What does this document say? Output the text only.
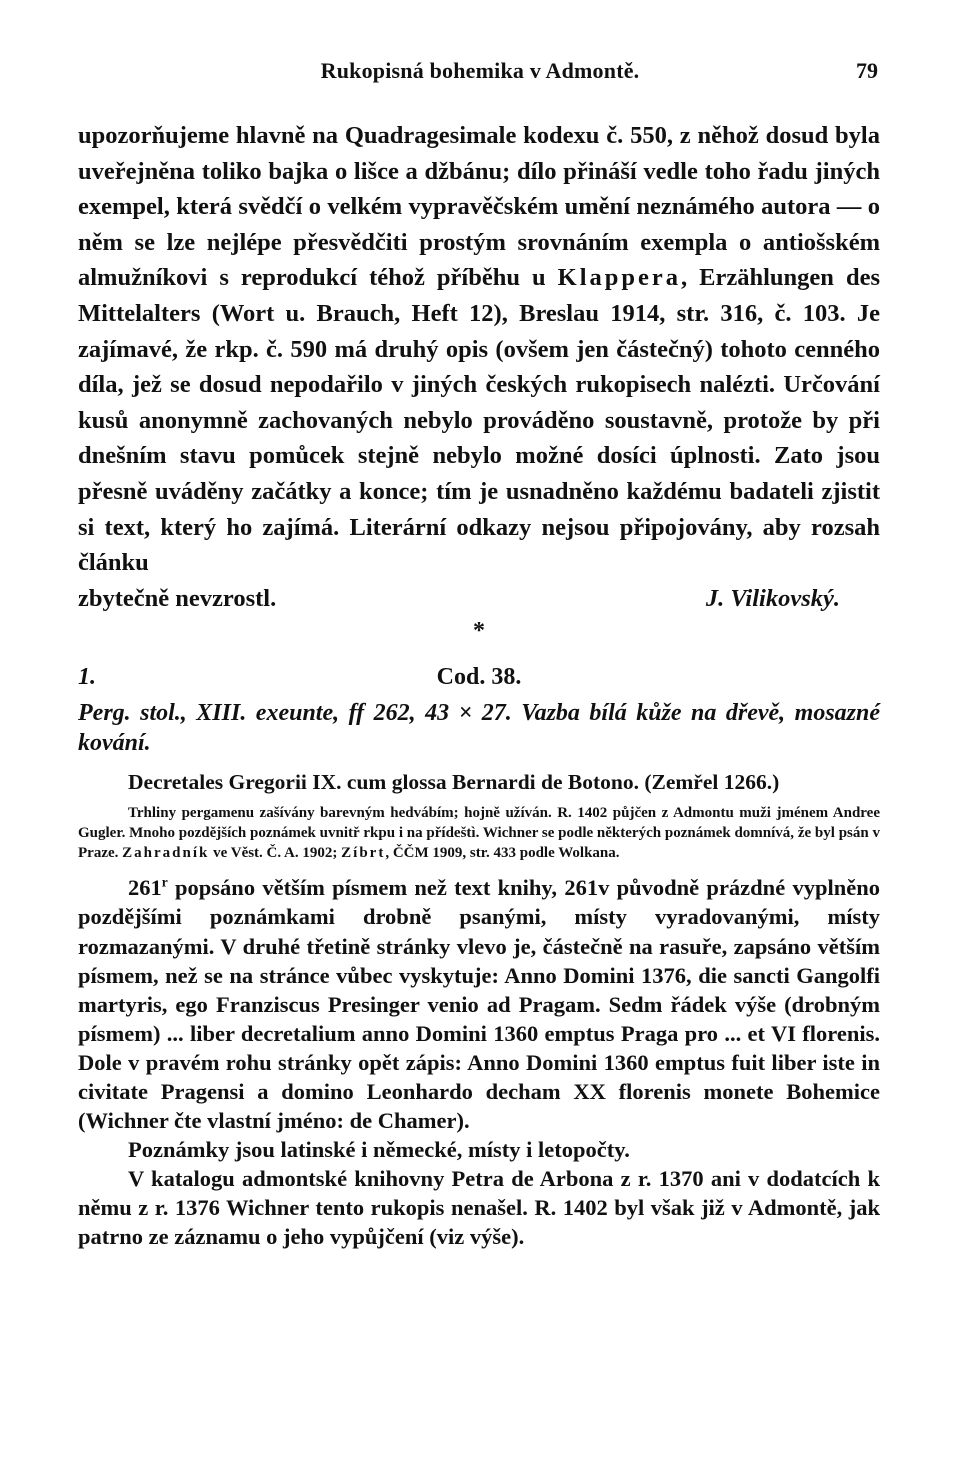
Rukopisná bohemika v Admontě.	79

upozorňujeme hlavně na Quadragesimale kodexu č. 550, z něhož dosud byla uveřejněna toliko bajka o lišce a džbánu; dílo přináší vedle toho řadu jiných exempel, která svědčí o velkém vypravěčském umění neznámého autora — o něm se lze nejlépe přesvědčiti prostým srovnáním exempla o antiošském almužníkovi s reprodukcí téhož příběhu u Klappera, Erzählungen des Mittelalters (Wort u. Brauch, Heft 12), Breslau 1914, str. 316, č. 103. Je zajímavé, že rkp. č. 590 má druhý opis (ovšem jen částečný) tohoto cenného díla, jež se dosud nepodařilo v jiných českých rukopisech nalézti. Určování kusů anonymně zachovaných nebylo prováděno soustavně, protože by při dnešním stavu pomůcek stejně nebylo možné dosíci úplnosti. Zato jsou přesně uváděny začátky a konce; tím je usnadněno každému badateli zjistit si text, který ho zajímá. Literární odkazy nejsou připojovány, aby rozsah článku

zbytečně nevzrostl.	J. Vilikovský.
*
1.	Cod. 38.

Perg. stol., XIII. exeunte, ff 262, 43 × 27. Vazba bílá kůže na dřevě, mosazné kování.

Decretales Gregorii IX. cum glossa Bernardi de Botono. (Zemřel 1266.)

Trhliny pergamenu zašívány barevným hedvábím; hojně užíván. R. 1402 půjčen z Admontu muži jménem Andree Gugler. Mnoho pozdějších poznámek uvnitř rkpu i na přídeštì. Wichner se podle některých poznámek domnívá, že byl psán v Praze. Zahradník ve Věst. Č. A. 1902; Zíbrt, ČČM 1909, str. 433 podle Wolkana.

261$^r$ popsáno větším písmem než text knihy, 261v původně prázdné vyplněno pozdějšími poznámkami drobně psanými, místy vyradovanými, místy rozmazanými. V druhé třetině stránky vlevo je, částečně na rasuře, zapsáno větším písmem, než se na stránce vůbec vyskytuje: Anno Domini 1376, die sancti Gangolfi martyris, ego Franziscus Presinger venio ad Pragam. Sedm řádek výše (drobným písmem) ... liber decretalium anno Domini 1360 emptus Praga pro ... et VI florenis. Dole v pravém rohu stránky opět zápis: Anno Domini 1360 emptus fuit liber iste in civitate Pragensi a domino Leonhardo decham XX florenis monete Bohemice (Wichner čte vlastní jméno: de Chamer).

Poznámky jsou latinské i německé, místy i letopočty.

V katalogu admontské knihovny Petra de Arbona z r. 1370 ani v dodatcích k němu z r. 1376 Wichner tento rukopis nenašel. R. 1402 byl však již v Admontě, jak patrno ze záznamu o jeho vypůjčení (viz výše).
